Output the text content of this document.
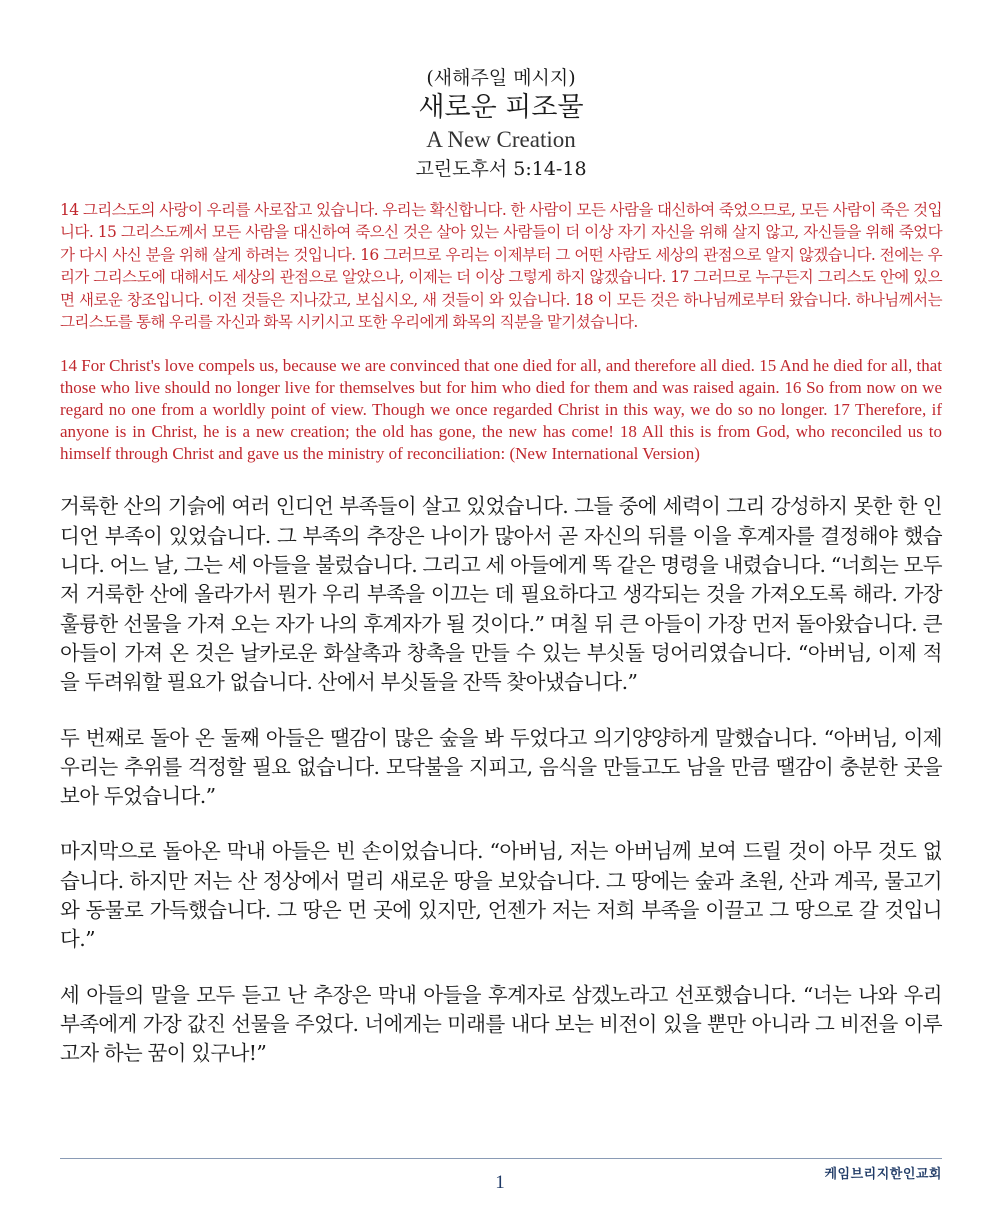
(새해주일 메시지)
새로운 피조물
A New Creation
고린도후서 5:14-18
14 그리스도의 사랑이 우리를 사로잡고 있습니다. 우리는 확신합니다. 한 사람이 모든 사람을 대신하여 죽었으므로, 모든 사람이 죽은 것입니다. 15 그리스도께서 모든 사람을 대신하여 죽으신 것은 살아 있는 사람들이 더 이상 자기 자신을 위해 살지 않고, 자신들을 위해 죽었다가 다시 사신 분을 위해 살게 하려는 것입니다. 16 그러므로 우리는 이제부터 그 어떤 사람도 세상의 관점으로 알지 않겠습니다. 전에는 우리가 그리스도에 대해서도 세상의 관점으로 알았으나, 이제는 더 이상 그렇게 하지 않겠습니다. 17 그러므로 누구든지 그리스도 안에 있으면 새로운 창조입니다. 이전 것들은 지나갔고, 보십시오, 새 것들이 와 있습니다. 18 이 모든 것은 하나님께로부터 왔습니다. 하나님께서는 그리스도를 통해 우리를 자신과 화목 시키시고 또한 우리에게 화목의 직분을 맡기셨습니다.
14 For Christ's love compels us, because we are convinced that one died for all, and therefore all died. 15 And he died for all, that those who live should no longer live for themselves but for him who died for them and was raised again. 16 So from now on we regard no one from a worldly point of view. Though we once regarded Christ in this way, we do so no longer. 17 Therefore, if anyone is in Christ, he is a new creation; the old has gone, the new has come! 18 All this is from God, who reconciled us to himself through Christ and gave us the ministry of reconciliation: (New International Version)
거룩한 산의 기슭에 여러 인디언 부족들이 살고 있었습니다. 그들 중에 세력이 그리 강성하지 못한 한 인디언 부족이 있었습니다. 그 부족의 추장은 나이가 많아서 곧 자신의 뒤를 이을 후계자를 결정해야 했습니다. 어느 날, 그는 세 아들을 불렀습니다. 그리고 세 아들에게 똑 같은 명령을 내렸습니다. “너희는 모두 저 거룩한 산에 올라가서 뭔가 우리 부족을 이끄는 데 필요하다고 생각되는 것을 가져오도록 해라. 가장 훌륭한 선물을 가져 오는 자가 나의 후계자가 될 것이다.” 며칠 뒤 큰 아들이 가장 먼저 돌아왔습니다. 큰 아들이 가져 온 것은 날카로운 화살촉과 창촉을 만들 수 있는 부싯돌 덩어리였습니다. “아버님, 이제 적을 두려워할 필요가 없습니다. 산에서 부싯돌을 잔뜩 찾아냈습니다.”
두 번째로 돌아 온 둘째 아들은 땔감이 많은 숲을 봐 두었다고 의기양양하게 말했습니다. “아버님, 이제 우리는 추위를 걱정할 필요 없습니다. 모닥불을 지피고, 음식을 만들고도 남을 만큼 땔감이 충분한 곳을 보아 두었습니다.”
마지막으로 돌아온 막내 아들은 빈 손이었습니다. “아버님, 저는 아버님께 보여 드릴 것이 아무 것도 없습니다. 하지만 저는 산 정상에서 멀리 새로운 땅을 보았습니다. 그 땅에는 숲과 초원, 산과 계곡, 물고기와 동물로 가득했습니다. 그 땅은 먼 곳에 있지만, 언젠가 저는 저희 부족을 이끌고 그 땅으로 갈 것입니다.”
세 아들의 말을 모두 듣고 난 추장은 막내 아들을 후계자로 삼겠노라고 선포했습니다. “너는 나와 우리 부족에게 가장 값진 선물을 주었다. 너에게는 미래를 내다 보는 비전이 있을 뿐만 아니라 그 비전을 이루고자 하는 꿈이 있구나!”
케임브리지한인교회
1
